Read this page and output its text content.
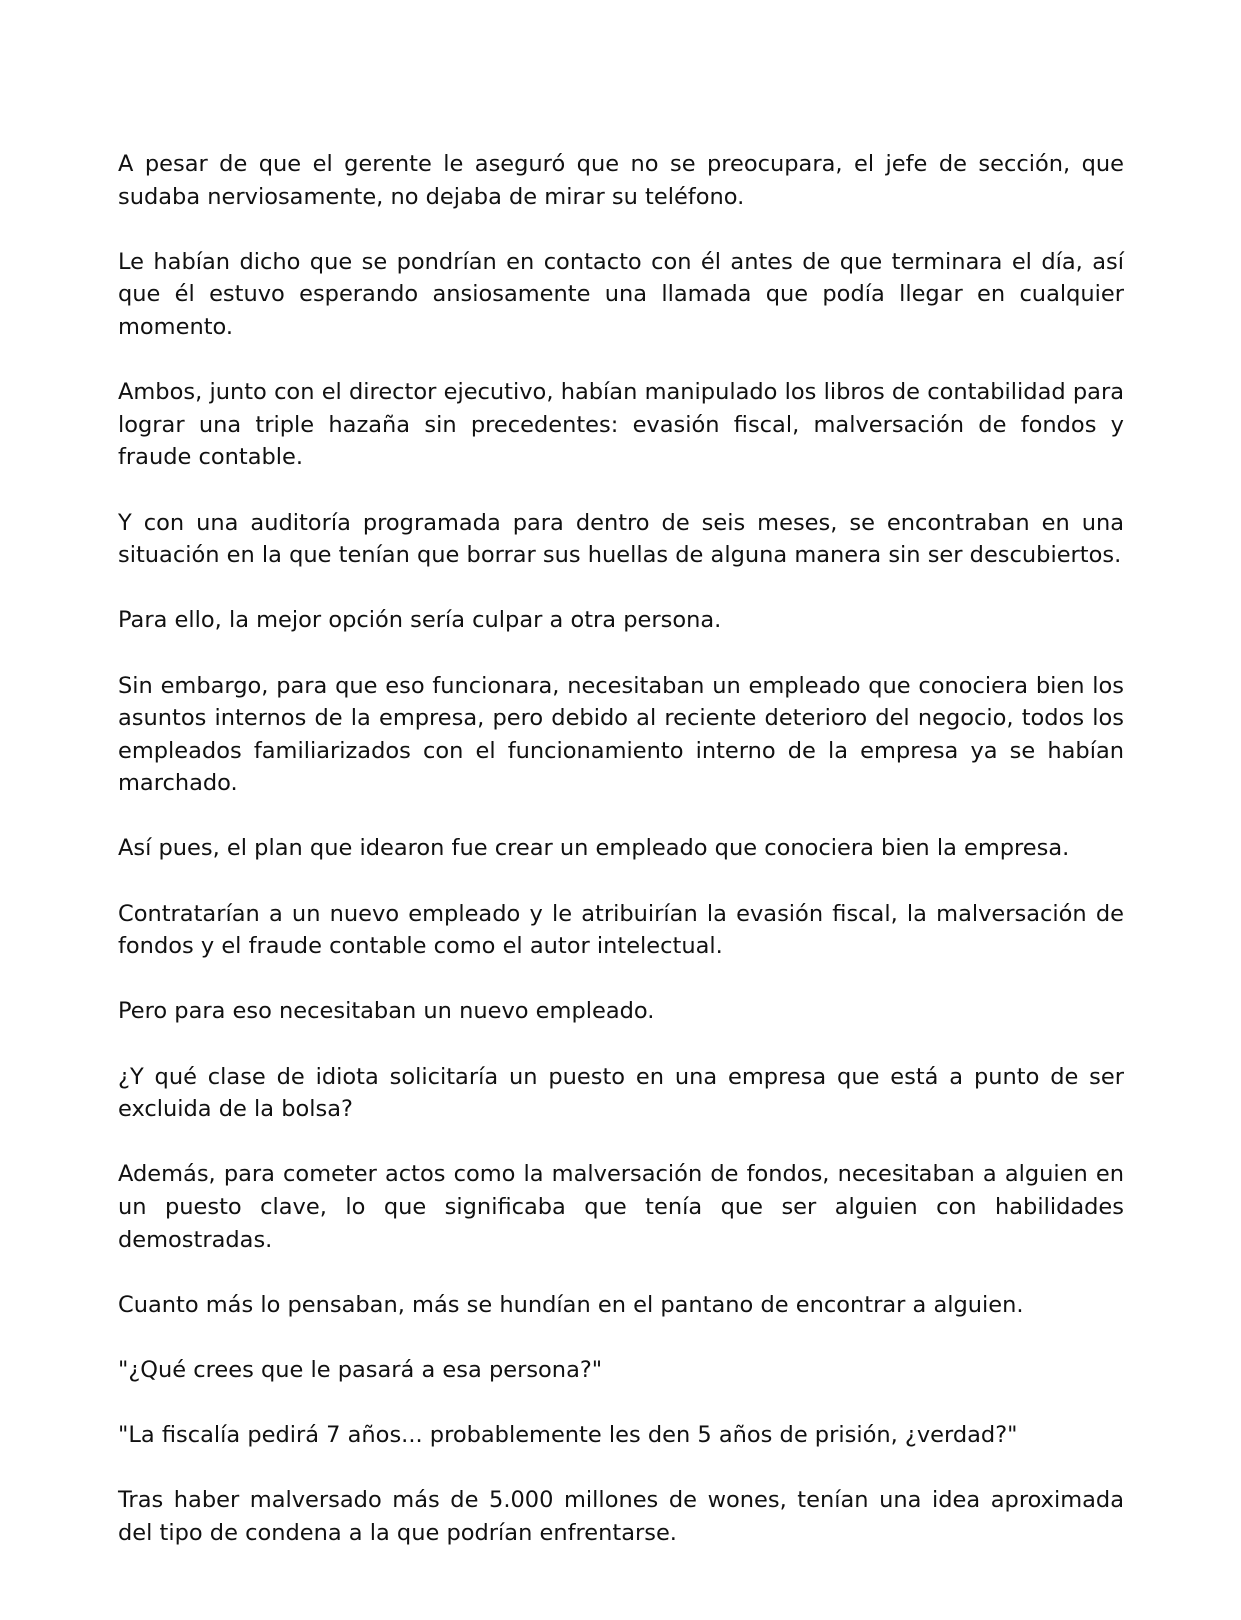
A pesar de que el gerente le aseguró que no se preocupara, el jefe de sección, que sudaba nerviosamente, no dejaba de mirar su teléfono.

Le habían dicho que se pondrían en contacto con él antes de que terminara el día, así que él estuvo esperando ansiosamente una llamada que podía llegar en cualquier momento.

Ambos, junto con el director ejecutivo, habían manipulado los libros de contabilidad para lograr una triple hazaña sin precedentes: evasión fiscal, malversación de fondos y fraude contable.

Y con una auditoría programada para dentro de seis meses, se encontraban en una situación en la que tenían que borrar sus huellas de alguna manera sin ser descubiertos.

Para ello, la mejor opción sería culpar a otra persona.

Sin embargo, para que eso funcionara, necesitaban un empleado que conociera bien los asuntos internos de la empresa, pero debido al reciente deterioro del negocio, todos los empleados familiarizados con el funcionamiento interno de la empresa ya se habían marchado.

Así pues, el plan que idearon fue crear un empleado que conociera bien la empresa.

Contratarían a un nuevo empleado y le atribuirían la evasión fiscal, la malversación de fondos y el fraude contable como el autor intelectual.

Pero para eso necesitaban un nuevo empleado.

¿Y qué clase de idiota solicitaría un puesto en una empresa que está a punto de ser excluida de la bolsa?

Además, para cometer actos como la malversación de fondos, necesitaban a alguien en un puesto clave, lo que significaba que tenía que ser alguien con habilidades demostradas.

Cuanto más lo pensaban, más se hundían en el pantano de encontrar a alguien.

"¿Qué crees que le pasará a esa persona?"

"La fiscalía pedirá 7 años... probablemente les den 5 años de prisión, ¿verdad?"

Tras haber malversado más de 5.000 millones de wones, tenían una idea aproximada del tipo de condena a la que podrían enfrentarse.
